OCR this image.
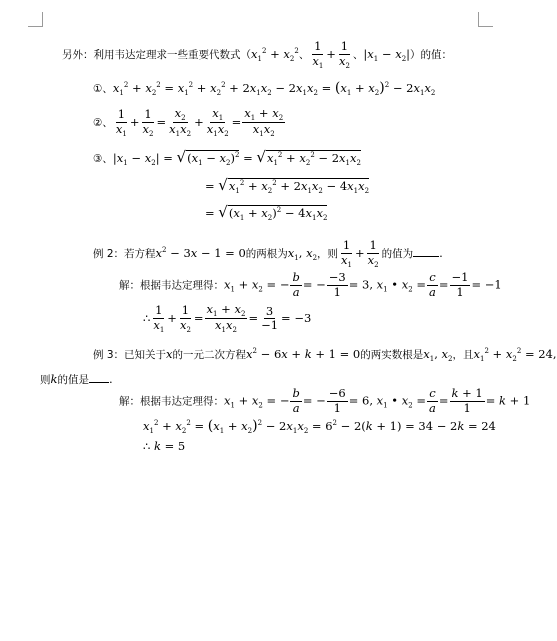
另外：利用韦达定理求一些重要代数式（$x_1^2 + x_2^2$、 $\frac{1}{x_1} + \frac{1}{x_2}$ 、$|x_1 - x_2|$）的值：
①、$x_1^2 + x_2^2 = x_1^2 + x_2^2 + 2x_1x_2 - 2x_1x_2 = (x_1 + x_2)^2 - 2x_1x_2$
②、 $\frac{1}{x_1} + \frac{1}{x_2} = \frac{x_2}{x_1x_2} + \frac{x_1}{x_1x_2} = \frac{x_1 + x_2}{x_1x_2}$
③、$|x_1 - x_2| = √(x_1 - x_2)^2 = √x_1^2 + x_2^2 - 2x_1x_2$
= $√x_1^2 + x_2^2 + 2x_1x_2 - 4x_1x_2$
= $√(x_1 + x_2)^2 - 4x_1x_2$
例 2：若方程$x^2 - 3x - 1 = 0$的两根为$x_1$, $x_2$，则 $\frac{1}{x_1} + \frac{1}{x_2}$ 的值为 .
解：根据韦达定理得：$x_1 + x_2$ = − $\frac{b}{a}$ = − $\frac{-3}{1} = 3$, $x_1$ • $x_2 = \frac{c}{a} = \frac{-1}{1} = -1$
∴ $\frac{1}{x_1} + \frac{1}{x_2} = \frac{x_1 + x_2}{x_1x_2} = \frac{3}{-1} = -3$
例 3：已知关于x的一元二次方程$x^2 - 6x + k + 1 = 0$的两实数根是$x_1$, $x_2$，且$x_1^2 + x_2^2 = 24$,
则k的值是 .
解：根据韦达定理得：$x_1 + x_2$ = − $\frac{b}{a}$ = − $\frac{-6}{1} = 6$, $x_1$ • $x_2 = \frac{c}{a} = \frac{k + 1}{1} = k + 1$
$x_1^2 + x_2^2 = (x_1 + x_2)^2 - 2x_1x_2 = 6^2 - 2(k + 1) = 34 - 2k = 24$
∴ k = 5
